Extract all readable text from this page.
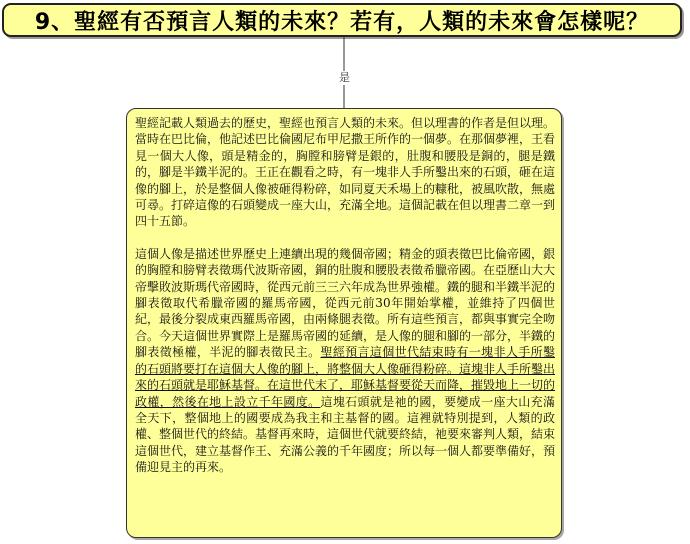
9、聖經有否預言人類的未來？若有，人類的未來會怎樣呢？
是

聖經記載人類過去的歷史，聖經也預言人類的未來。但以理書的作者是但以理。當時在巴比倫，他記述巴比倫國尼布甲尼撒王所作的一個夢。在那個夢裡，王看見一個大人像，頭是精金的，胸膛和膀臂是銀的，肚腹和腰股是銅的，腿是鐵的，腳是半鐵半泥的。王正在觀看之時，有一塊非人手所鑿出來的石頭，砸在這像的腳上，於是整個人像被砸得粉碎，如同夏天禾場上的糠秕，被風吹散，無處可尋。打碎這像的石頭變成一座大山，充滿全地。這個記載在但以理書二章一到四十五節。

這個人像是描述世界歷史上連續出現的幾個帝國；精金的頭表徵巴比倫帝國，銀的胸膛和膀臂表徵瑪代波斯帝國，銅的肚腹和腰股表徵希臘帝國。在亞歷山大大帝擊敗波斯瑪代帝國時，從西元前三三六年成為世界強權。鐵的腿和半鐵半泥的腳表徵取代希臘帝國的羅馬帝國，從西元前30年開始掌權，並維持了四個世紀，最後分裂成東西羅馬帝國，由兩條腿表徵。所有這些預言，都與事實完全吻合。今天這個世界實際上是羅馬帝國的延續，是人像的腿和腳的一部分，半鐵的腳表徵極權，半泥的腳表徵民主。聖經預言這個世代結束時有一塊非人手所鑿的石頭將要打在這個大人像的腳上，將整個大人像砸得粉碎。這塊非人手所鑿出來的石頭就是耶穌基督。在這世代末了，耶穌基督要從天而降，摧毀地上一切的政權，然後在地上設立千年國度。這塊石頭就是祂的國，要變成一座大山充滿全天下，整個地上的國要成為我主和主基督的國。這裡就特別提到，人類的政權、整個世代的終結。基督再來時，這個世代就要終結，祂要來審判人類，結束這個世代，建立基督作王、充滿公義的千年國度；所以每一個人都要準備好，預備迎見主的再來。
